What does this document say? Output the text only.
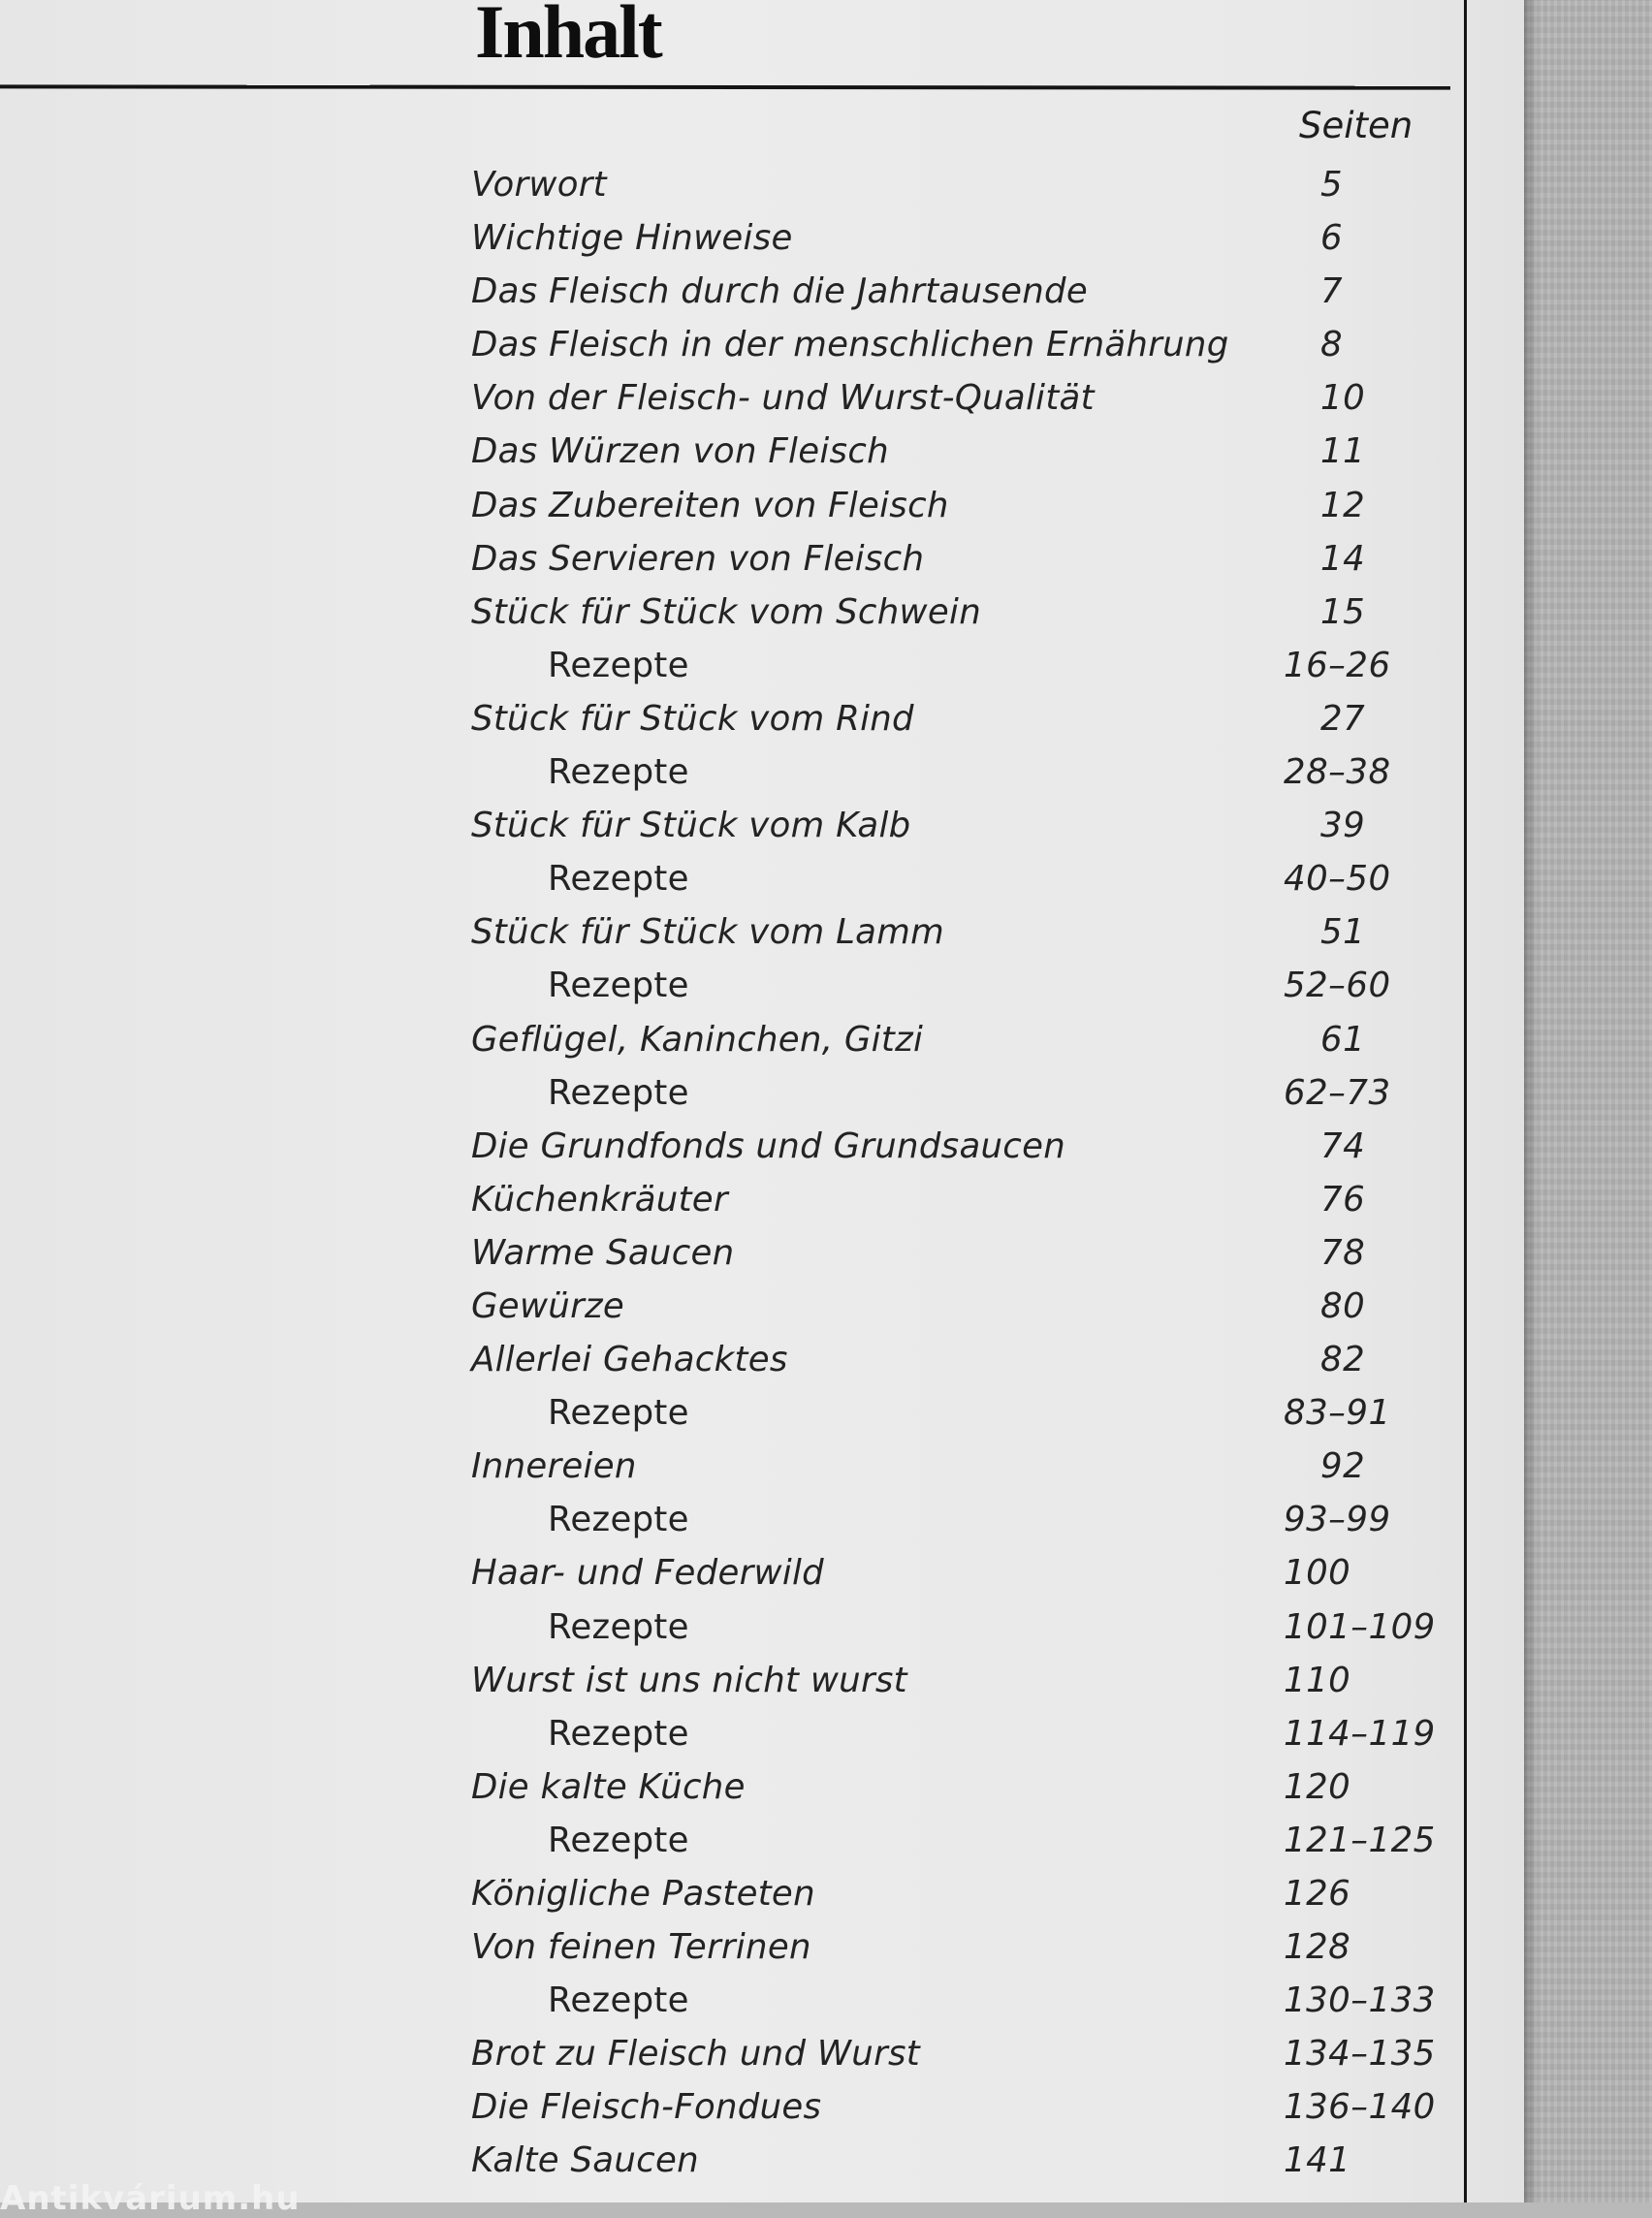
Inhalt
Seiten
Vorwort	5
Wichtige Hinweise	6
Das Fleisch durch die Jahrtausende	7
Das Fleisch in der menschlichen Ernährung	8
Von der Fleisch- und Wurst-Qualität	10
Das Würzen von Fleisch	11
Das Zubereiten von Fleisch	12
Das Servieren von Fleisch	14
Stück für Stück vom Schwein	15
Rezepte	16–26
Stück für Stück vom Rind	27
Rezepte	28–38
Stück für Stück vom Kalb	39
Rezepte	40–50
Stück für Stück vom Lamm	51
Rezepte	52–60
Geflügel, Kaninchen, Gitzi	61
Rezepte	62–73
Die Grundfonds und Grundsaucen	74
Küchenkräuter	76
Warme Saucen	78
Gewürze	80
Allerlei Gehacktes	82
Rezepte	83–91
Innereien	92
Rezepte	93–99
Haar- und Federwild	100
Rezepte	101–109
Wurst ist uns nicht wurst	110
Rezepte	114–119
Die kalte Küche	120
Rezepte	121–125
Königliche Pasteten	126
Von feinen Terrinen	128
Rezepte	130–133
Brot zu Fleisch und Wurst	134–135
Die Fleisch-Fondues	136–140
Kalte Saucen	141
Antikvárium.hu
